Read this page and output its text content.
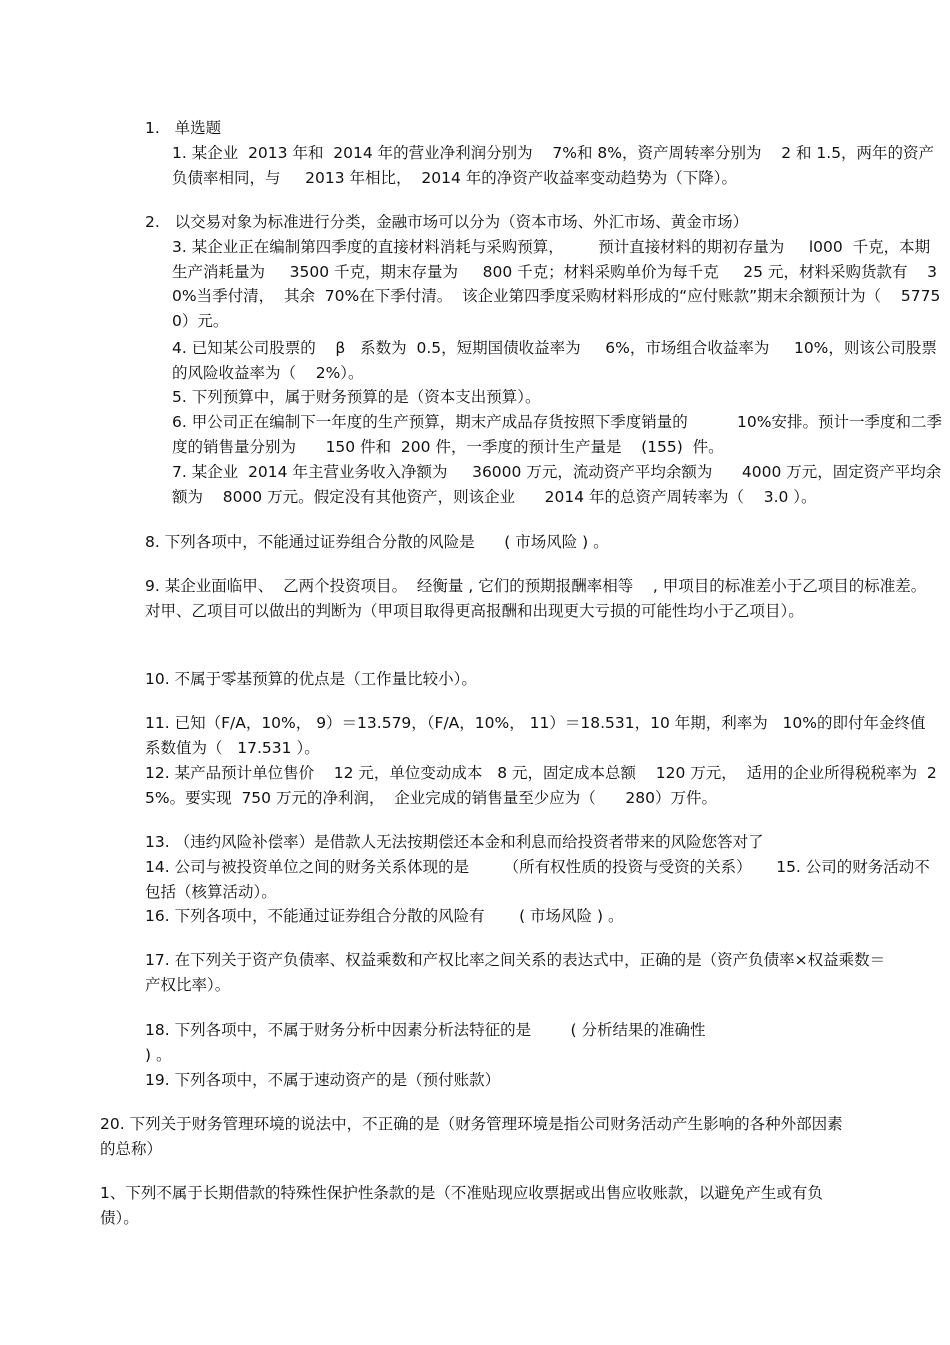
1.   单选题

1. 某企业  2013 年和  2014 年的营业净利润分别为    7%和 8%，资产周转率分别为    2 和 1.5，两年的资产负债率相同，与     2013 年相比，  2014 年的净资产收益率变动趋势为（下降）。

2.   以交易对象为标准进行分类，金融市场可以分为（资本市场、外汇市场、黄金市场）

3. 某企业正在编制第四季度的直接材料消耗与采购预算，       预计直接材料的期初存量为     l000  千克，本期生产消耗量为     3500 千克，期末存量为     800 千克；材料采购单价为每千克     25 元，材料采购货款有    30%当季付清，  其余  70%在下季付清。  该企业第四季度采购材料形成的“应付账款”期末余额预计为（    57750）元。

4. 已知某公司股票的    β   系数为  0.5，短期国债收益率为     6%，市场组合收益率为     10%，则该公司股票的风险收益率为（    2%）。

5. 下列预算中，属于财务预算的是（资本支出预算）。

6. 甲公司正在编制下一年度的生产预算，期末产成品存货按照下季度销量的          10%安排。预计一季度和二季度的销售量分别为      150 件和  200 件，一季度的预计生产量是    (155)  件。

7. 某企业  2014 年主营业务收入净额为     36000 万元，流动资产平均余额为      4000 万元，固定资产平均余额为    8000 万元。假定没有其他资产，则该企业      2014 年的总资产周转率为（    3.0 ）。

8. 下列各项中，不能通过证券组合分散的风险是      ( 市场风险 ) 。

9. 某企业面临甲、  乙两个投资项目。  经衡量 , 它们的预期报酬率相等    , 甲项目的标准差小于乙项目的标准差。对甲、乙项目可以做出的判断为（甲项目取得更高报酬和出现更大亏损的可能性均小于乙项目）。

10. 不属于零基预算的优点是（工作量比较小）。

11. 已知（F/A，10%， 9）＝13.579，（F/A，10%， 11）＝18.531，10 年期，利率为   10%的即付年金终值系数值为（   17.531 ）。

12. 某产品预计单位售价    12 元，单位变动成本   8 元，固定成本总额    120 万元，  适用的企业所得税税率为  25%。要实现  750 万元的净利润，  企业完成的销售量至少应为（      280）万件。

13. （违约风险补偿率）是借款人无法按期偿还本金和利息而给投资者带来的风险您答对了

14. 公司与被投资单位之间的财务关系体现的是       （所有权性质的投资与受资的关系）     15. 公司的财务活动不包括（核算活动）。

16. 下列各项中，不能通过证券组合分散的风险有       ( 市场风险 ) 。

17. 在下列关于资产负债率、权益乘数和产权比率之间关系的表达式中，正确的是（资产负债率×权益乘数＝产权比率）。

18. 下列各项中，不属于财务分析中因素分析法特征的是        ( 分析结果的准确性
) 。

19. 下列各项中，不属于速动资产的是（预付账款）

20. 下列关于财务管理环境的说法中，不正确的是（财务管理环境是指公司财务活动产生影响的各种外部因素的总称）

1、下列不属于长期借款的特殊性保护性条款的是（不准贴现应收票据或出售应收账款，以避免产生或有负债）。
